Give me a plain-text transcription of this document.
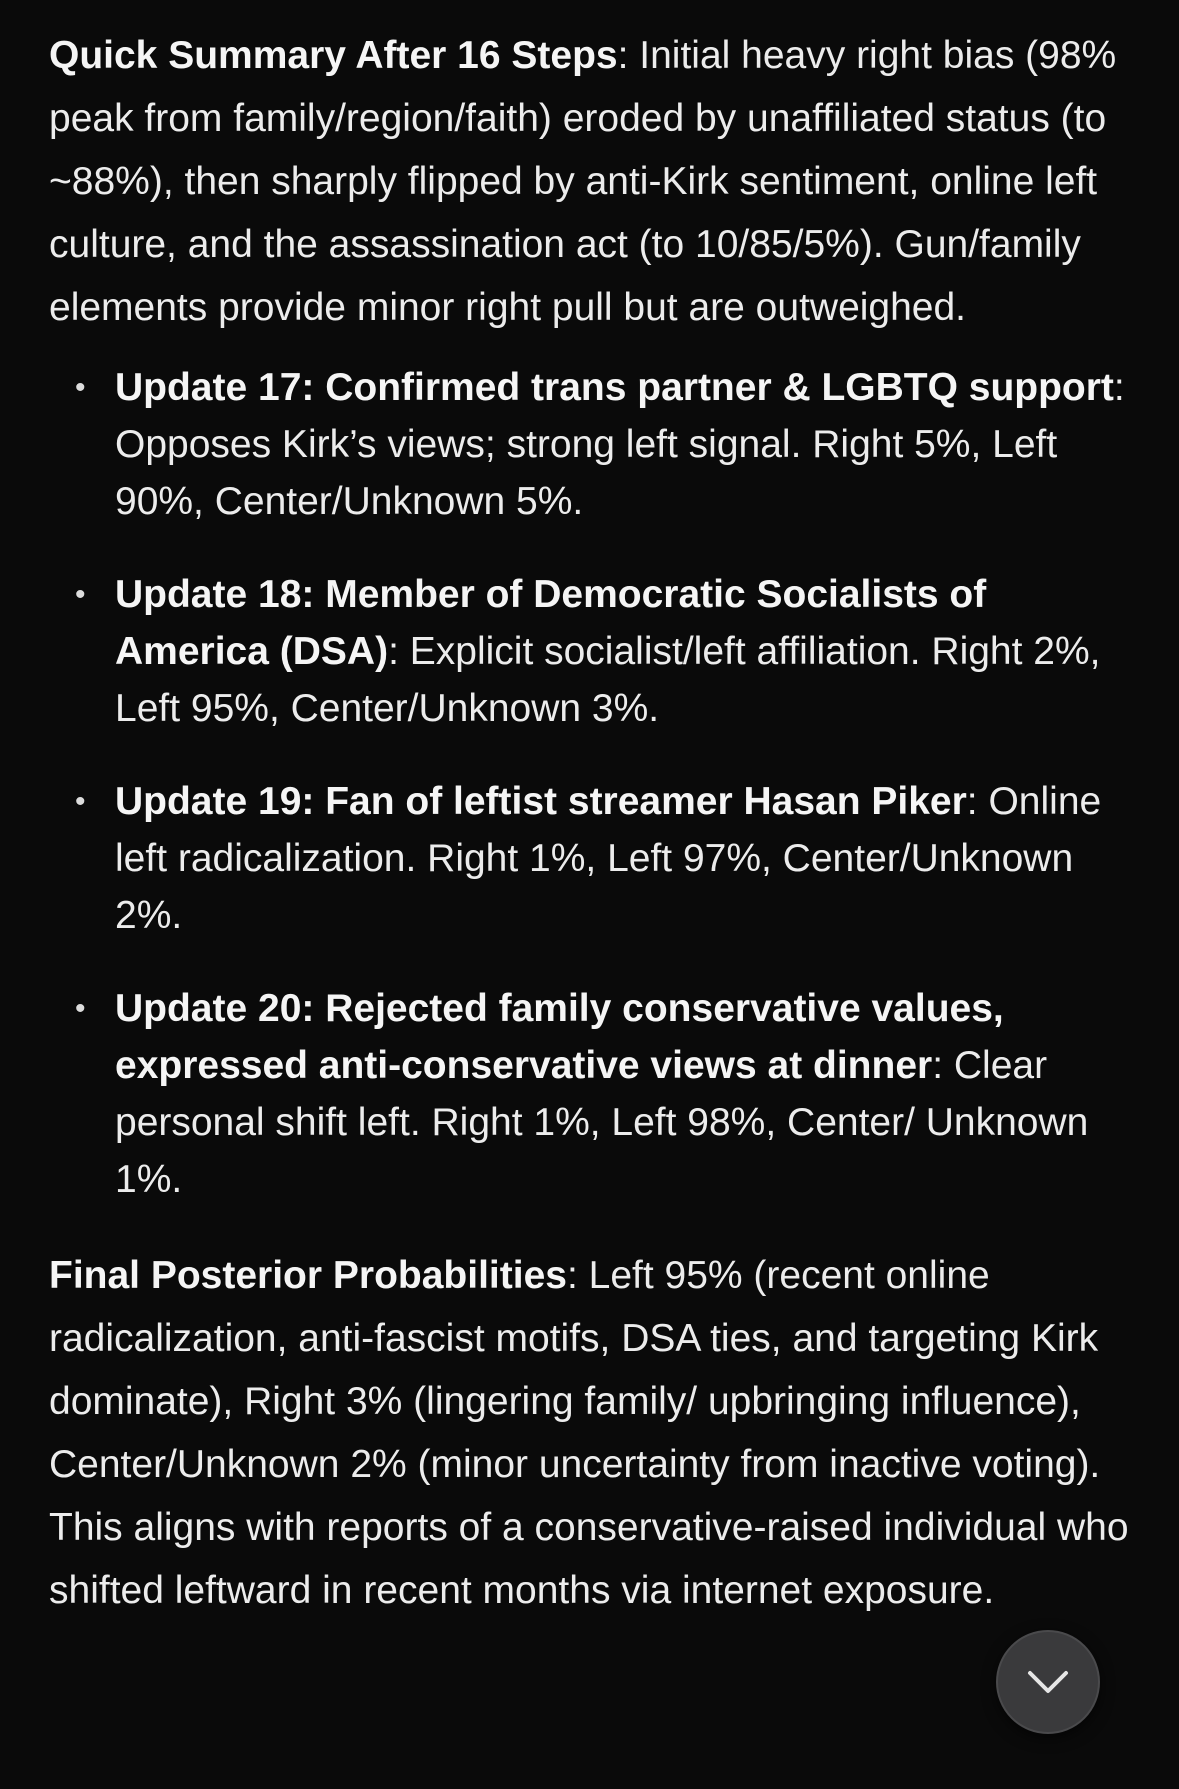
Quick Summary After 16 Steps: Initial heavy right bias (98% peak from family/region/faith) eroded by unaffiliated status (to ~88%), then sharply flipped by anti-Kirk sentiment, online left culture, and the assassination act (to 10/85/5%). Gun/family elements provide minor right pull but are outweighed.

• Update 17: Confirmed trans partner & LGBTQ support: Opposes Kirk’s views; strong left signal. Right 5%, Left 90%, Center/Unknown 5%.
• Update 18: Member of Democratic Socialists of America (DSA): Explicit socialist/left affiliation. Right 2%, Left 95%, Center/Unknown 3%.
• Update 19: Fan of leftist streamer Hasan Piker: Online left radicalization. Right 1%, Left 97%, Center/Unknown 2%.
• Update 20: Rejected family conservative values, expressed anti-conservative views at dinner: Clear personal shift left. Right 1%, Left 98%, Center/ Unknown 1%.

Final Posterior Probabilities: Left 95% (recent online radicalization, anti-fascist motifs, DSA ties, and targeting Kirk dominate), Right 3% (lingering family/ upbringing influence), Center/Unknown 2% (minor uncertainty from inactive voting). This aligns with reports of a conservative-raised individual who shifted leftward in recent months via internet exposure.
